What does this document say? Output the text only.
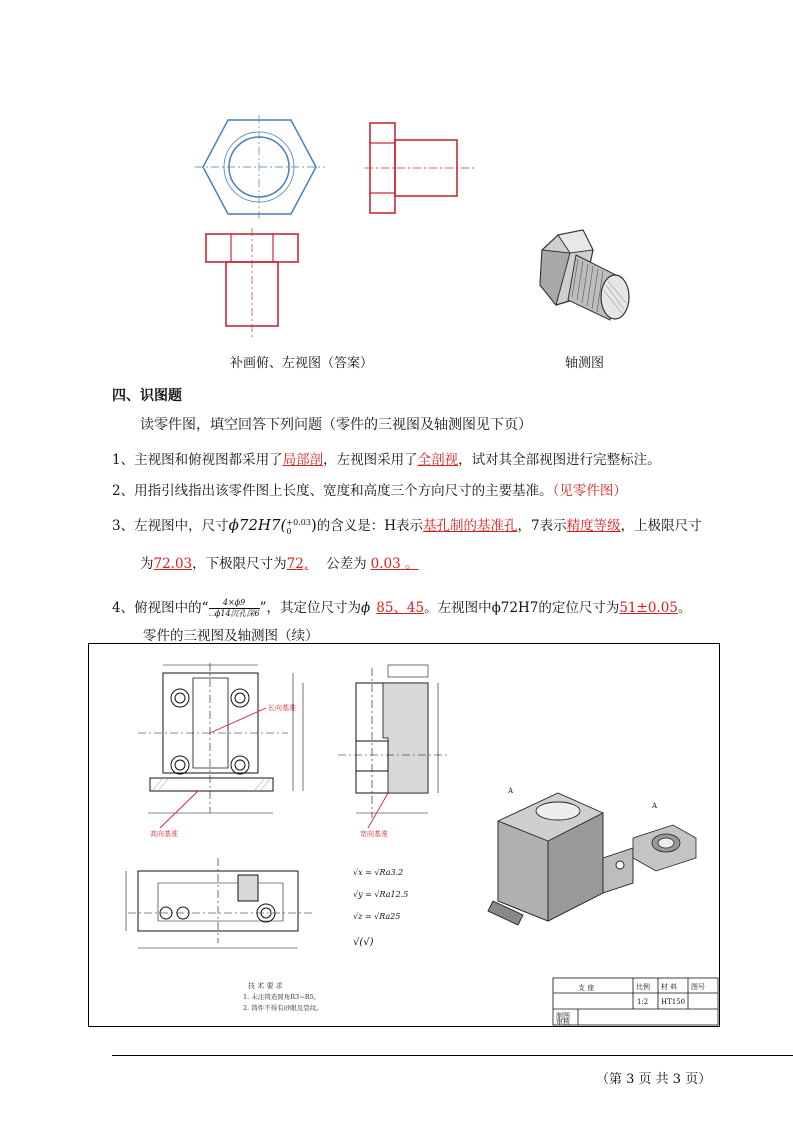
补画俯、左视图（答案）	轴测图
四、识图题
读零件图，填空回答下列问题（零件的三视图及轴测图见下页）
1、主视图和俯视图都采用了局部剖，左视图采用了全剖视，试对其全部视图进行完整标注。
2、用指引线指出该零件图上长度、宽度和高度三个方向尺寸的主要基准。（见零件图）
3、左视图中，尺寸ϕ72H7( +0.03
0	)的含义是：H表示基孔制的基准孔，7表示精度等级，上极限尺寸
为72.03，下极限尺寸为72, 公差为 0.03 。
4、俯视图中的“	4×ϕ9
⌴ϕ14沉孔深6 ”，其定位尺寸为ϕ 85、45。左视图中ϕ72H7的定位尺寸为51±0.05。
零件的三视图及轴测图（续）
长向基准
高向基准	宽向基准
√x = √Ra3.2
√y = √Ra12.5
√z = √Ra25
√(√)
技 术 要 求
1. 未注铸造圆角R3~R5。
2. 铸件不得有砂眼及裂纹。
A
A
支 座	比例 材 料 图号
1:2 HT150
制图
审核
（第 3 页 共 3 页）
